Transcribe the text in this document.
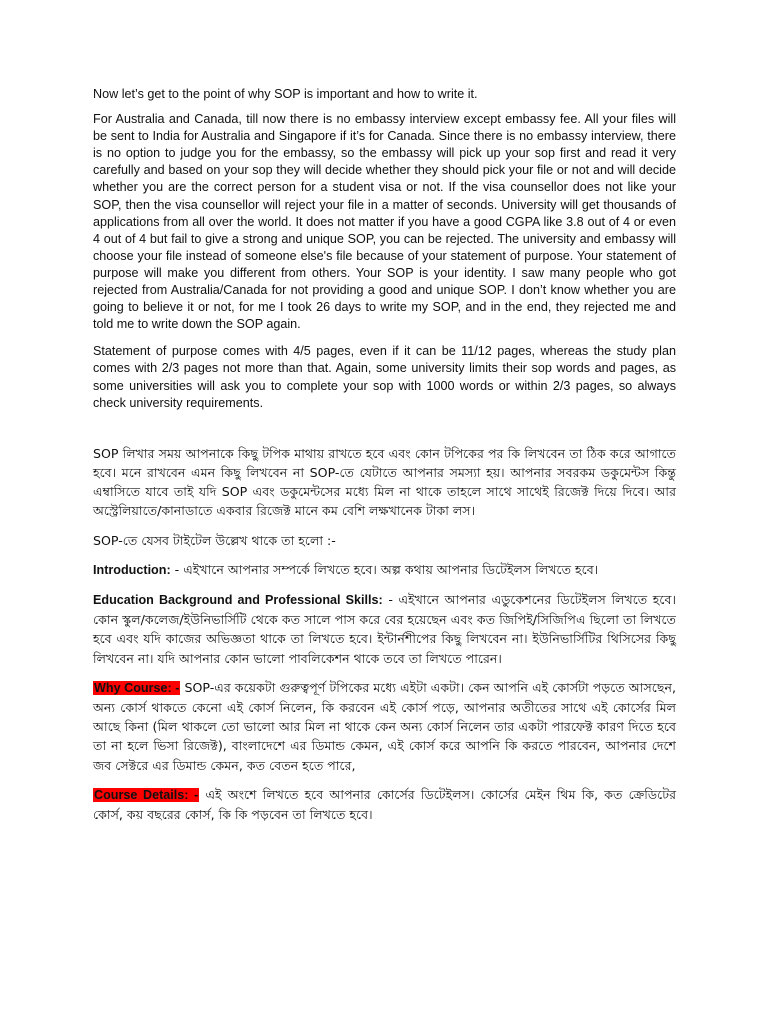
Now let’s get to the point of why SOP is important and how to write it.

For Australia and Canada, till now there is no embassy interview except embassy fee. All your files will be sent to India for Australia and Singapore if it’s for Canada. Since there is no embassy interview, there is no option to judge you for the embassy, so the embassy will pick up your sop first and read it very carefully and based on your sop they will decide whether they should pick your file or not and will decide whether you are the correct person for a student visa or not. If the visa counsellor does not like your SOP, then the visa counsellor will reject your file in a matter of seconds. University will get thousands of applications from all over the world. It does not matter if you have a good CGPA like 3.8 out of 4 or even 4 out of 4 but fail to give a strong and unique SOP, you can be rejected. The university and embassy will choose your file instead of someone else's file because of your statement of purpose. Your statement of purpose will make you different from others. Your SOP is your identity. I saw many people who got rejected from Australia/Canada for not providing a good and unique SOP. I don’t know whether you are going to believe it or not, for me I took 26 days to write my SOP, and in the end, they rejected me and told me to write down the SOP again.

Statement of purpose comes with 4/5 pages, even if it can be 11/12 pages, whereas the study plan comes with 2/3 pages not more than that. Again, some university limits their sop words and pages, as some universities will ask you to complete your sop with 1000 words or within 2/3 pages, so always check university requirements.

SOP লিখার সময় আপনাকে কিছু টপিক মাথায় রাখতে হবে এবং কোন টপিকের পর কি লিখবেন তা ঠিক করে আগাতে হবে। মনে রাখবেন এমন কিছু লিখবেন না SOP-তে যেটাতে আপনার সমস্যা হয়। আপনার সবরকম ডকুমেন্টস কিন্তু এম্বাসিতে যাবে তাই যদি SOP এবং ডকুমেন্টসের মধ্যে মিল না থাকে তাহলে সাথে সাথেই রিজেক্ট দিয়ে দিবে। আর অস্ট্রেলিয়াতে/কানাডাতে একবার রিজেক্ট মানে কম বেশি লক্ষখানেক টাকা লস।

SOP-তে যেসব টাইটেল উল্লেখ থাকে তা হলো :-

Introduction: - এইখানে আপনার সম্পর্কে লিখতে হবে। অল্প কথায় আপনার ডিটেইলস লিখতে হবে।

Education Background and Professional Skills: - এইখানে আপনার এডুকেশনের ডিটেইলস লিখতে হবে। কোন স্কুল/কলেজ/ইউনিভার্সিটি থেকে কত সালে পাস করে বের হয়েছেন এবং কত জিপিই/সিজিপিএ ছিলো তা লিখতে হবে এবং যদি কাজের অভিজ্ঞতা থাকে তা লিখতে হবে। ইন্টার্নশীপের কিছু লিখবেন না। ইউনিভার্সিটির থিসিসের কিছু লিখবেন না। যদি আপনার কোন ভালো পাবলিকেশন থাকে তবে তা লিখতে পারেন।

Why Course: - SOP-এর কয়েকটা গুরুত্বপূর্ণ টপিকের মধ্যে এইটা একটা। কেন আপনি এই কোর্সটা পড়তে আসছেন, অন্য কোর্স থাকতে কেনো এই কোর্স নিলেন, কি করবেন এই কোর্স পড়ে, আপনার অতীতের সাথে এই কোর্সের মিল আছে কিনা (মিল থাকলে তো ভালো আর মিল না থাকে কেন অন্য কোর্স নিলেন তার একটা পারফেক্ট কারণ দিতে হবে তা না হলে ভিসা রিজেক্ট), বাংলাদেশে এর ডিমান্ড কেমন, এই কোর্স করে আপনি কি করতে পারবেন, আপনার দেশে জব সেক্টরে এর ডিমান্ড কেমন, কত বেতন হতে পারে,

Course Details: - এই অংশে লিখতে হবে আপনার কোর্সের ডিটেইলস। কোর্সের মেইন থিম কি, কত ক্রেডিটের কোর্স, কয় বছরের কোর্স, কি কি পড়বেন তা লিখতে হবে।
